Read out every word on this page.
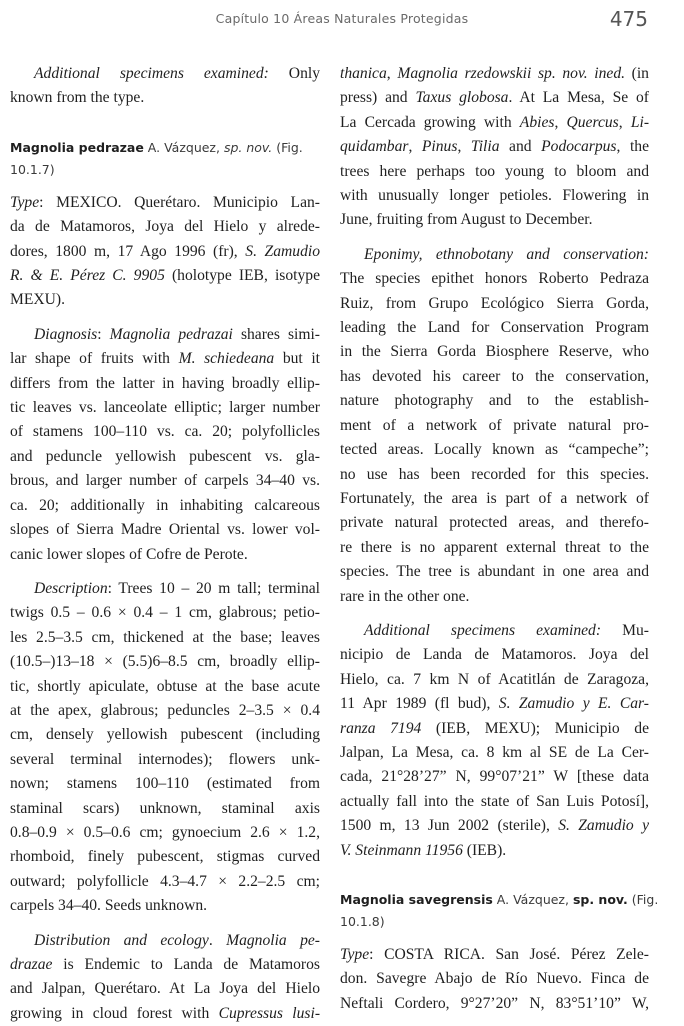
Capítulo 10 Áreas Naturales Protegidas	475
Additional specimens examined: Only
known from the type.
Magnolia pedrazae A. Vázquez, sp. nov. (Fig.
10.1.7)
Type: MEXICO. Querétaro. Municipio Lan-
da de Matamoros, Joya del Hielo y alrede-
dores, 1800 m, 17 Ago 1996 (fr), S. Zamudio
R. & E. Pérez C. 9905 (holotype IEB, isotype
MEXU).
Diagnosis: Magnolia pedrazai shares simi-
lar shape of fruits with M. schiedeana but it
differs from the latter in having broadly ellip-
tic leaves vs. lanceolate elliptic; larger number
of stamens 100–110 vs. ca. 20; polyfollicles
and peduncle yellowish pubescent vs. gla-
brous, and larger number of carpels 34–40 vs.
ca. 20; additionally in inhabiting calcareous
slopes of Sierra Madre Oriental vs. lower vol-
canic lower slopes of Cofre de Perote.
Description: Trees 10 – 20 m tall; terminal
twigs 0.5 – 0.6 × 0.4 – 1 cm, glabrous; petio-
les 2.5–3.5 cm, thickened at the base; leaves
(10.5–)13–18 × (5.5)6–8.5 cm, broadly ellip-
tic, shortly apiculate, obtuse at the base acute
at the apex, glabrous; peduncles 2–3.5 × 0.4
cm, densely yellowish pubescent (including
several terminal internodes); flowers unk-
nown; stamens 100–110 (estimated from
staminal scars) unknown, staminal axis
0.8–0.9 × 0.5–0.6 cm; gynoecium 2.6 × 1.2,
rhomboid, finely pubescent, stigmas curved
outward; polyfollicle 4.3–4.7 × 2.2–2.5 cm;
carpels 34–40. Seeds unknown.
Distribution and ecology. Magnolia pe-
drazae is Endemic to Landa de Matamoros
and Jalpan, Querétaro. At La Joya del Hielo
growing in cloud forest with Cupressus lusi-
thanica, Magnolia rzedowskii sp. nov. ined. (in
press) and Taxus globosa. At La Mesa, Se of
La Cercada growing with Abies, Quercus, Li-
quidambar, Pinus, Tilia and Podocarpus, the
trees here perhaps too young to bloom and
with unusually longer petioles. Flowering in
June, fruiting from August to December.
Eponimy, ethnobotany and conservation:
The species epithet honors Roberto Pedraza
Ruiz, from Grupo Ecológico Sierra Gorda,
leading the Land for Conservation Program
in the Sierra Gorda Biosphere Reserve, who
has devoted his career to the conservation,
nature photography and to the establish-
ment of a network of private natural pro-
tected areas. Locally known as “campeche”;
no use has been recorded for this species.
Fortunately, the area is part of a network of
private natural protected areas, and therefo-
re there is no apparent external threat to the
species. The tree is abundant in one area and
rare in the other one.
Additional specimens examined: Mu-
nicipio de Landa de Matamoros. Joya del
Hielo, ca. 7 km N of Acatitlán de Zaragoza,
11 Apr 1989 (fl bud), S. Zamudio y E. Car-
ranza 7194 (IEB, MEXU); Municipio de
Jalpan, La Mesa, ca. 8 km al SE de La Cer-
cada, 21°28’27” N, 99°07’21” W [these data
actually fall into the state of San Luis Potosí],
1500 m, 13 Jun 2002 (sterile), S. Zamudio y
V. Steinmann 11956 (IEB).
Magnolia savegrensis A. Vázquez, sp. nov. (Fig.
10.1.8)
Type: COSTA RICA. San José. Pérez Zele-
don. Savegre Abajo de Río Nuevo. Finca de
Neftali Cordero, 9°27’20” N, 83°51’10” W,
